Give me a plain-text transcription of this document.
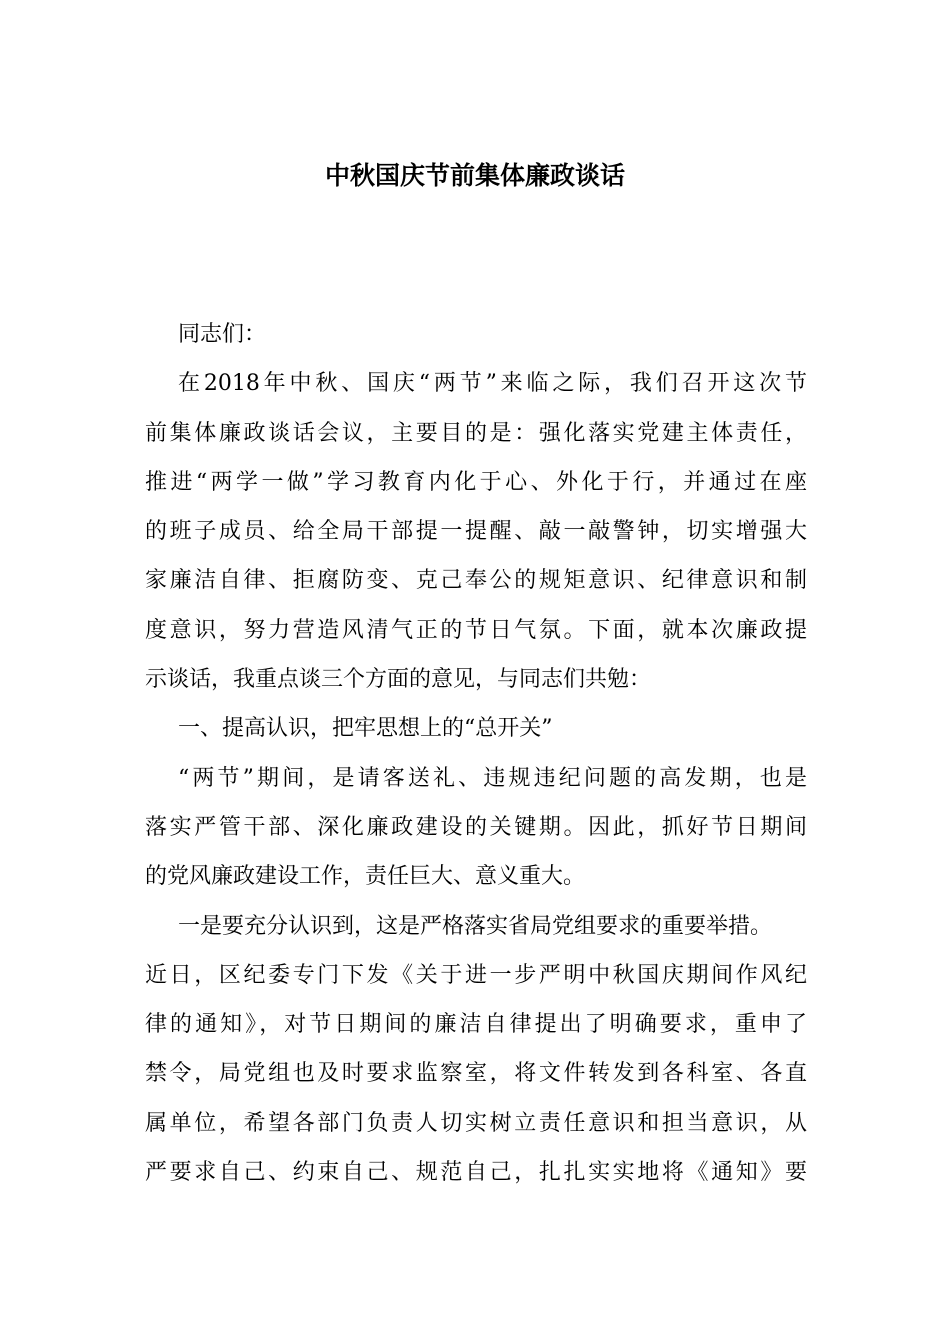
中秋国庆节前集体廉政谈话
同志们：
在2018年中秋、国庆“两节”来临之际，我们召开这次节
前集体廉政谈话会议，主要目的是：强化落实党建主体责任，
推进“两学一做”学习教育内化于心、外化于行，并通过在座
的班子成员、给全局干部提一提醒、敲一敲警钟，切实增强大
家廉洁自律、拒腐防变、克己奉公的规矩意识、纪律意识和制
度意识，努力营造风清气正的节日气氛。下面，就本次廉政提
示谈话，我重点谈三个方面的意见，与同志们共勉：
一、提高认识，把牢思想上的“总开关”
“两节”期间，是请客送礼、违规违纪问题的高发期，也是
落实严管干部、深化廉政建设的关键期。因此，抓好节日期间
的党风廉政建设工作，责任巨大、意义重大。
一是要充分认识到，这是严格落实省局党组要求的重要举措。
近日，区纪委专门下发《关于进一步严明中秋国庆期间作风纪
律的通知》，对节日期间的廉洁自律提出了明确要求，重申了
禁令，局党组也及时要求监察室，将文件转发到各科室、各直
属单位，希望各部门负责人切实树立责任意识和担当意识，从
严要求自己、约束自己、规范自己，扎扎实实地将《通知》要
